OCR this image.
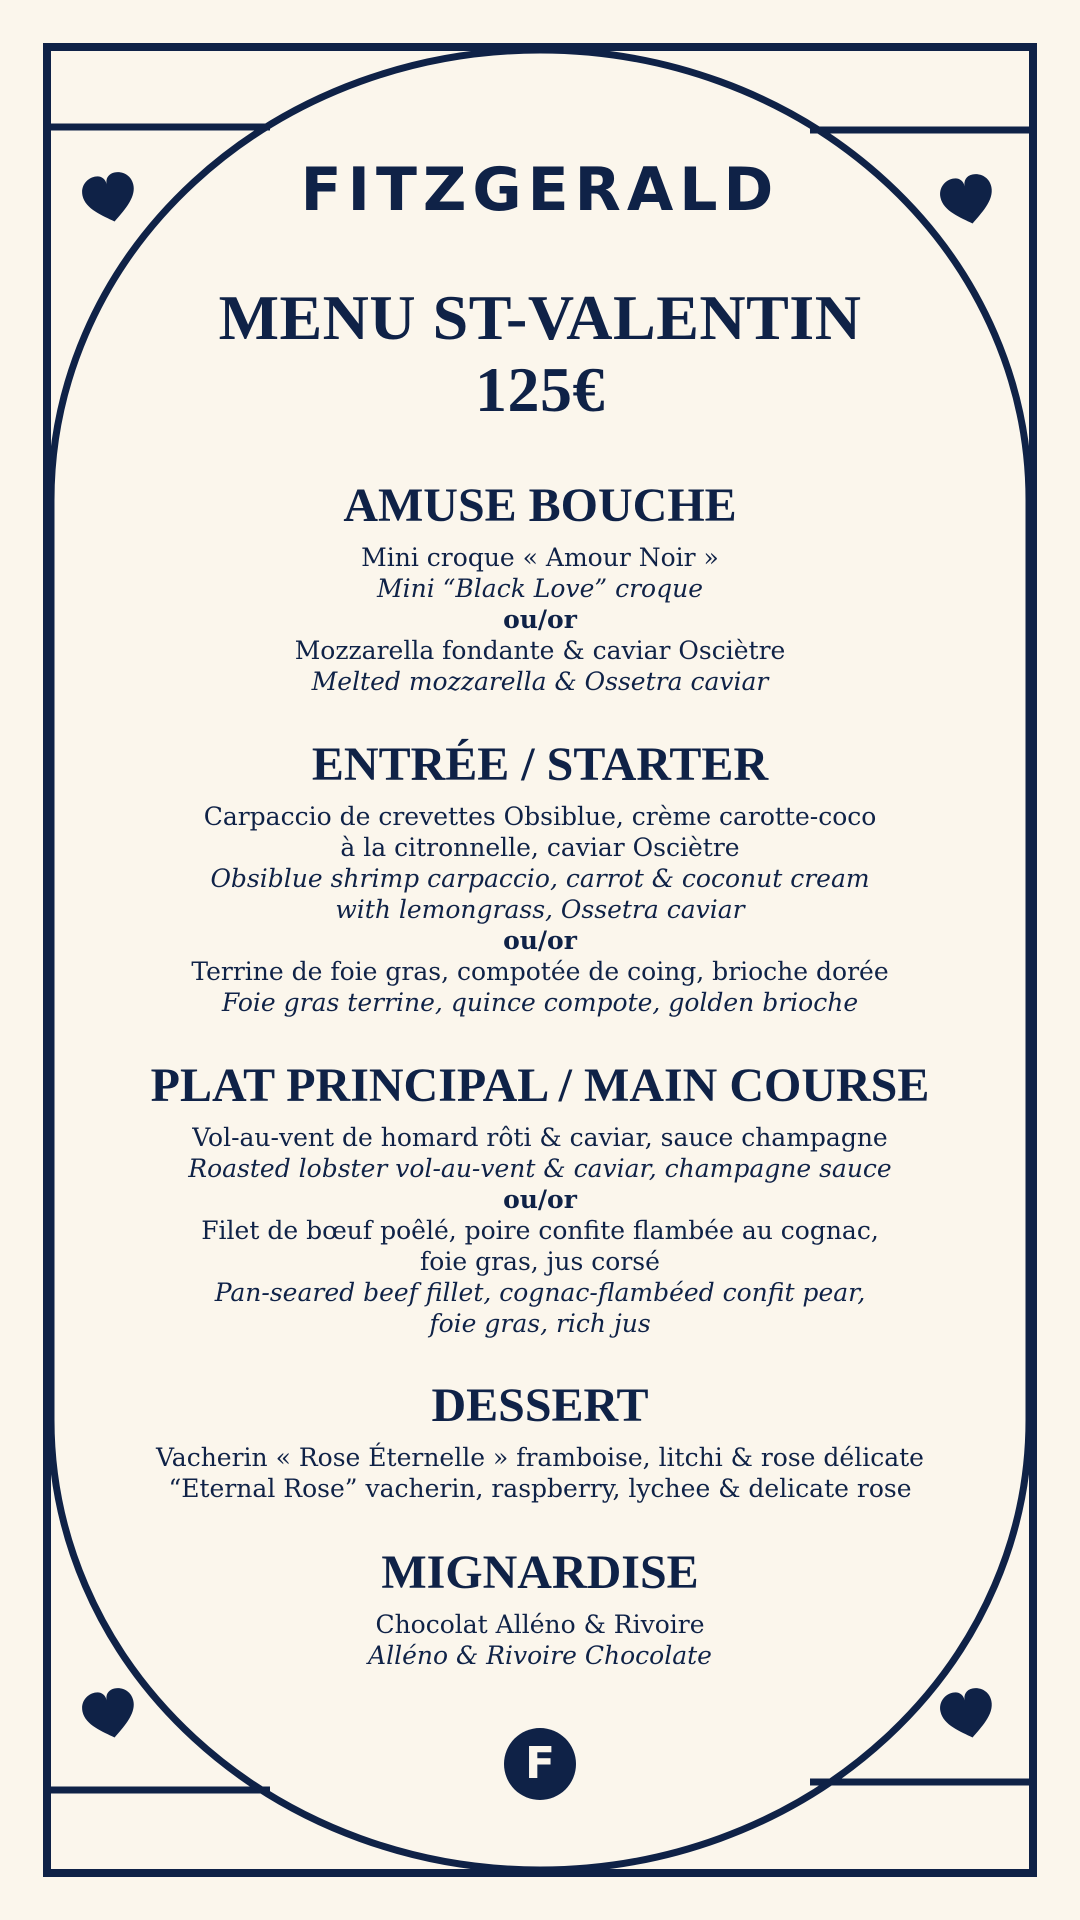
FITZGERALD
MENU ST-VALENTIN
125€
AMUSE BOUCHE
Mini croque « Amour Noir »
Mini “Black Love” croque
ou/or
Mozzarella fondante & caviar Osciètre
Melted mozzarella & Ossetra caviar
ENTRÉE / STARTER
Carpaccio de crevettes Obsiblue, crème carotte-coco
à la citronnelle, caviar Osciètre
Obsiblue shrimp carpaccio, carrot & coconut cream
with lemongrass, Ossetra caviar
ou/or
Terrine de foie gras, compotée de coing, brioche dorée
Foie gras terrine, quince compote, golden brioche
PLAT PRINCIPAL / MAIN COURSE
Vol-au-vent de homard rôti & caviar, sauce champagne
Roasted lobster vol-au-vent & caviar, champagne sauce
ou/or
Filet de bœuf poêlé, poire confite flambée au cognac,
foie gras, jus corsé
Pan-seared beef fillet, cognac-flambéed confit pear,
foie gras, rich jus
DESSERT
Vacherin « Rose Éternelle » framboise, litchi & rose délicate
“Eternal Rose” vacherin, raspberry, lychee & delicate rose
MIGNARDISE
Chocolat Alléno & Rivoire
Alléno & Rivoire Chocolate
F
